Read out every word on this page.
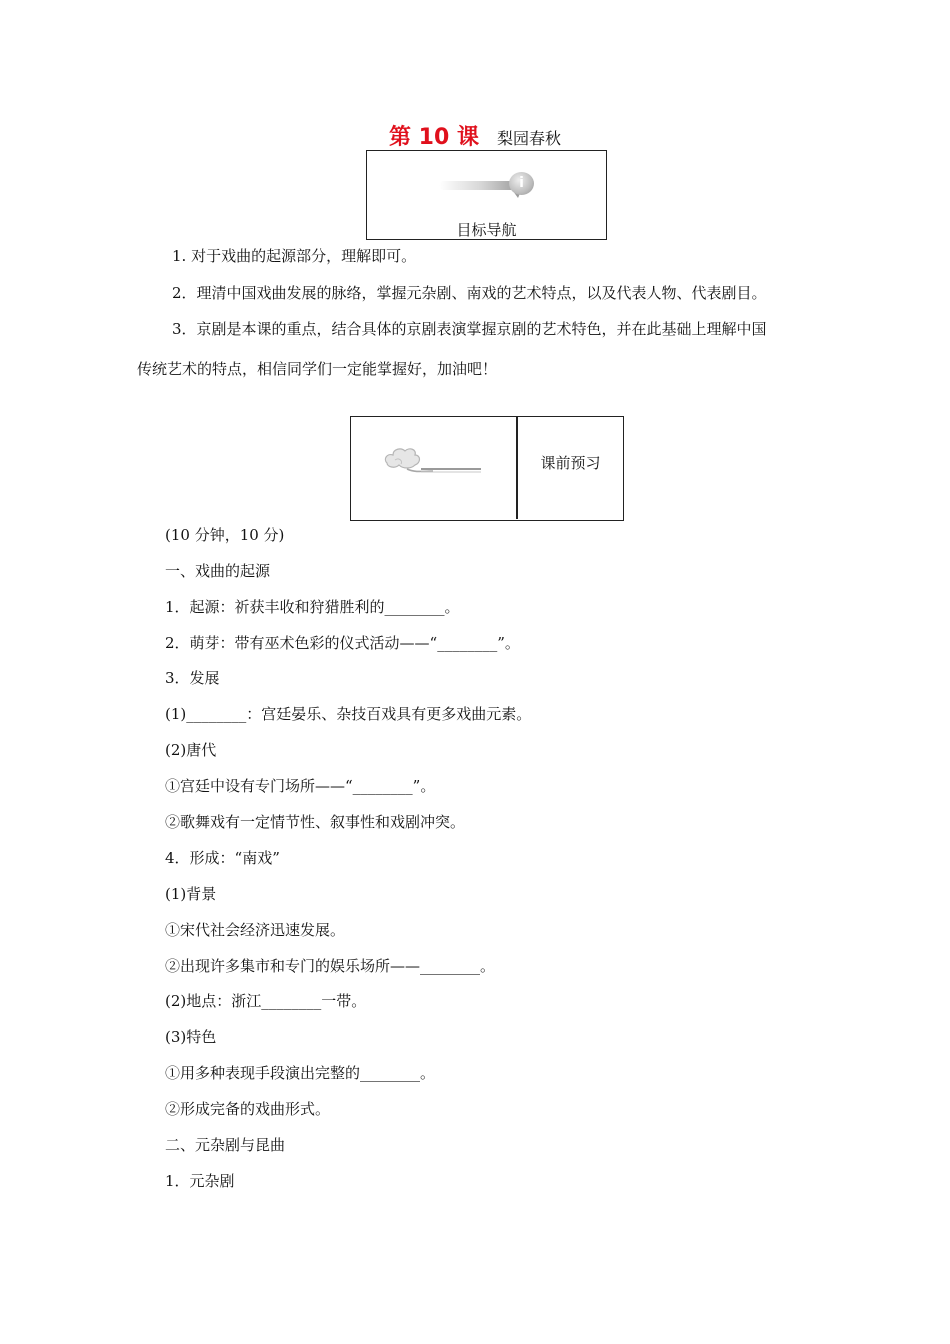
第 10 课 梨园春秋
i
目标导航
1. 对于戏曲的起源部分，理解即可。
2．理清中国戏曲发展的脉络，掌握元杂剧、南戏的艺术特点，以及代表人物、代表剧目。
3．京剧是本课的重点，结合具体的京剧表演掌握京剧的艺术特色，并在此基础上理解中国
传统艺术的特点，相信同学们一定能掌握好，加油吧！
课前预习
(10 分钟，10 分)
一、戏曲的起源
1．起源：祈获丰收和狩猎胜利的________。
2．萌芽：带有巫术色彩的仪式活动——“________”。
3．发展
(1)________：宫廷晏乐、杂技百戏具有更多戏曲元素。
(2)唐代
①宫廷中设有专门场所——“________”。
②歌舞戏有一定情节性、叙事性和戏剧冲突。
4．形成：“南戏”
(1)背景
①宋代社会经济迅速发展。
②出现许多集市和专门的娱乐场所——________。
(2)地点：浙江________一带。
(3)特色
①用多种表现手段演出完整的________。
②形成完备的戏曲形式。
二、元杂剧与昆曲
1．元杂剧
